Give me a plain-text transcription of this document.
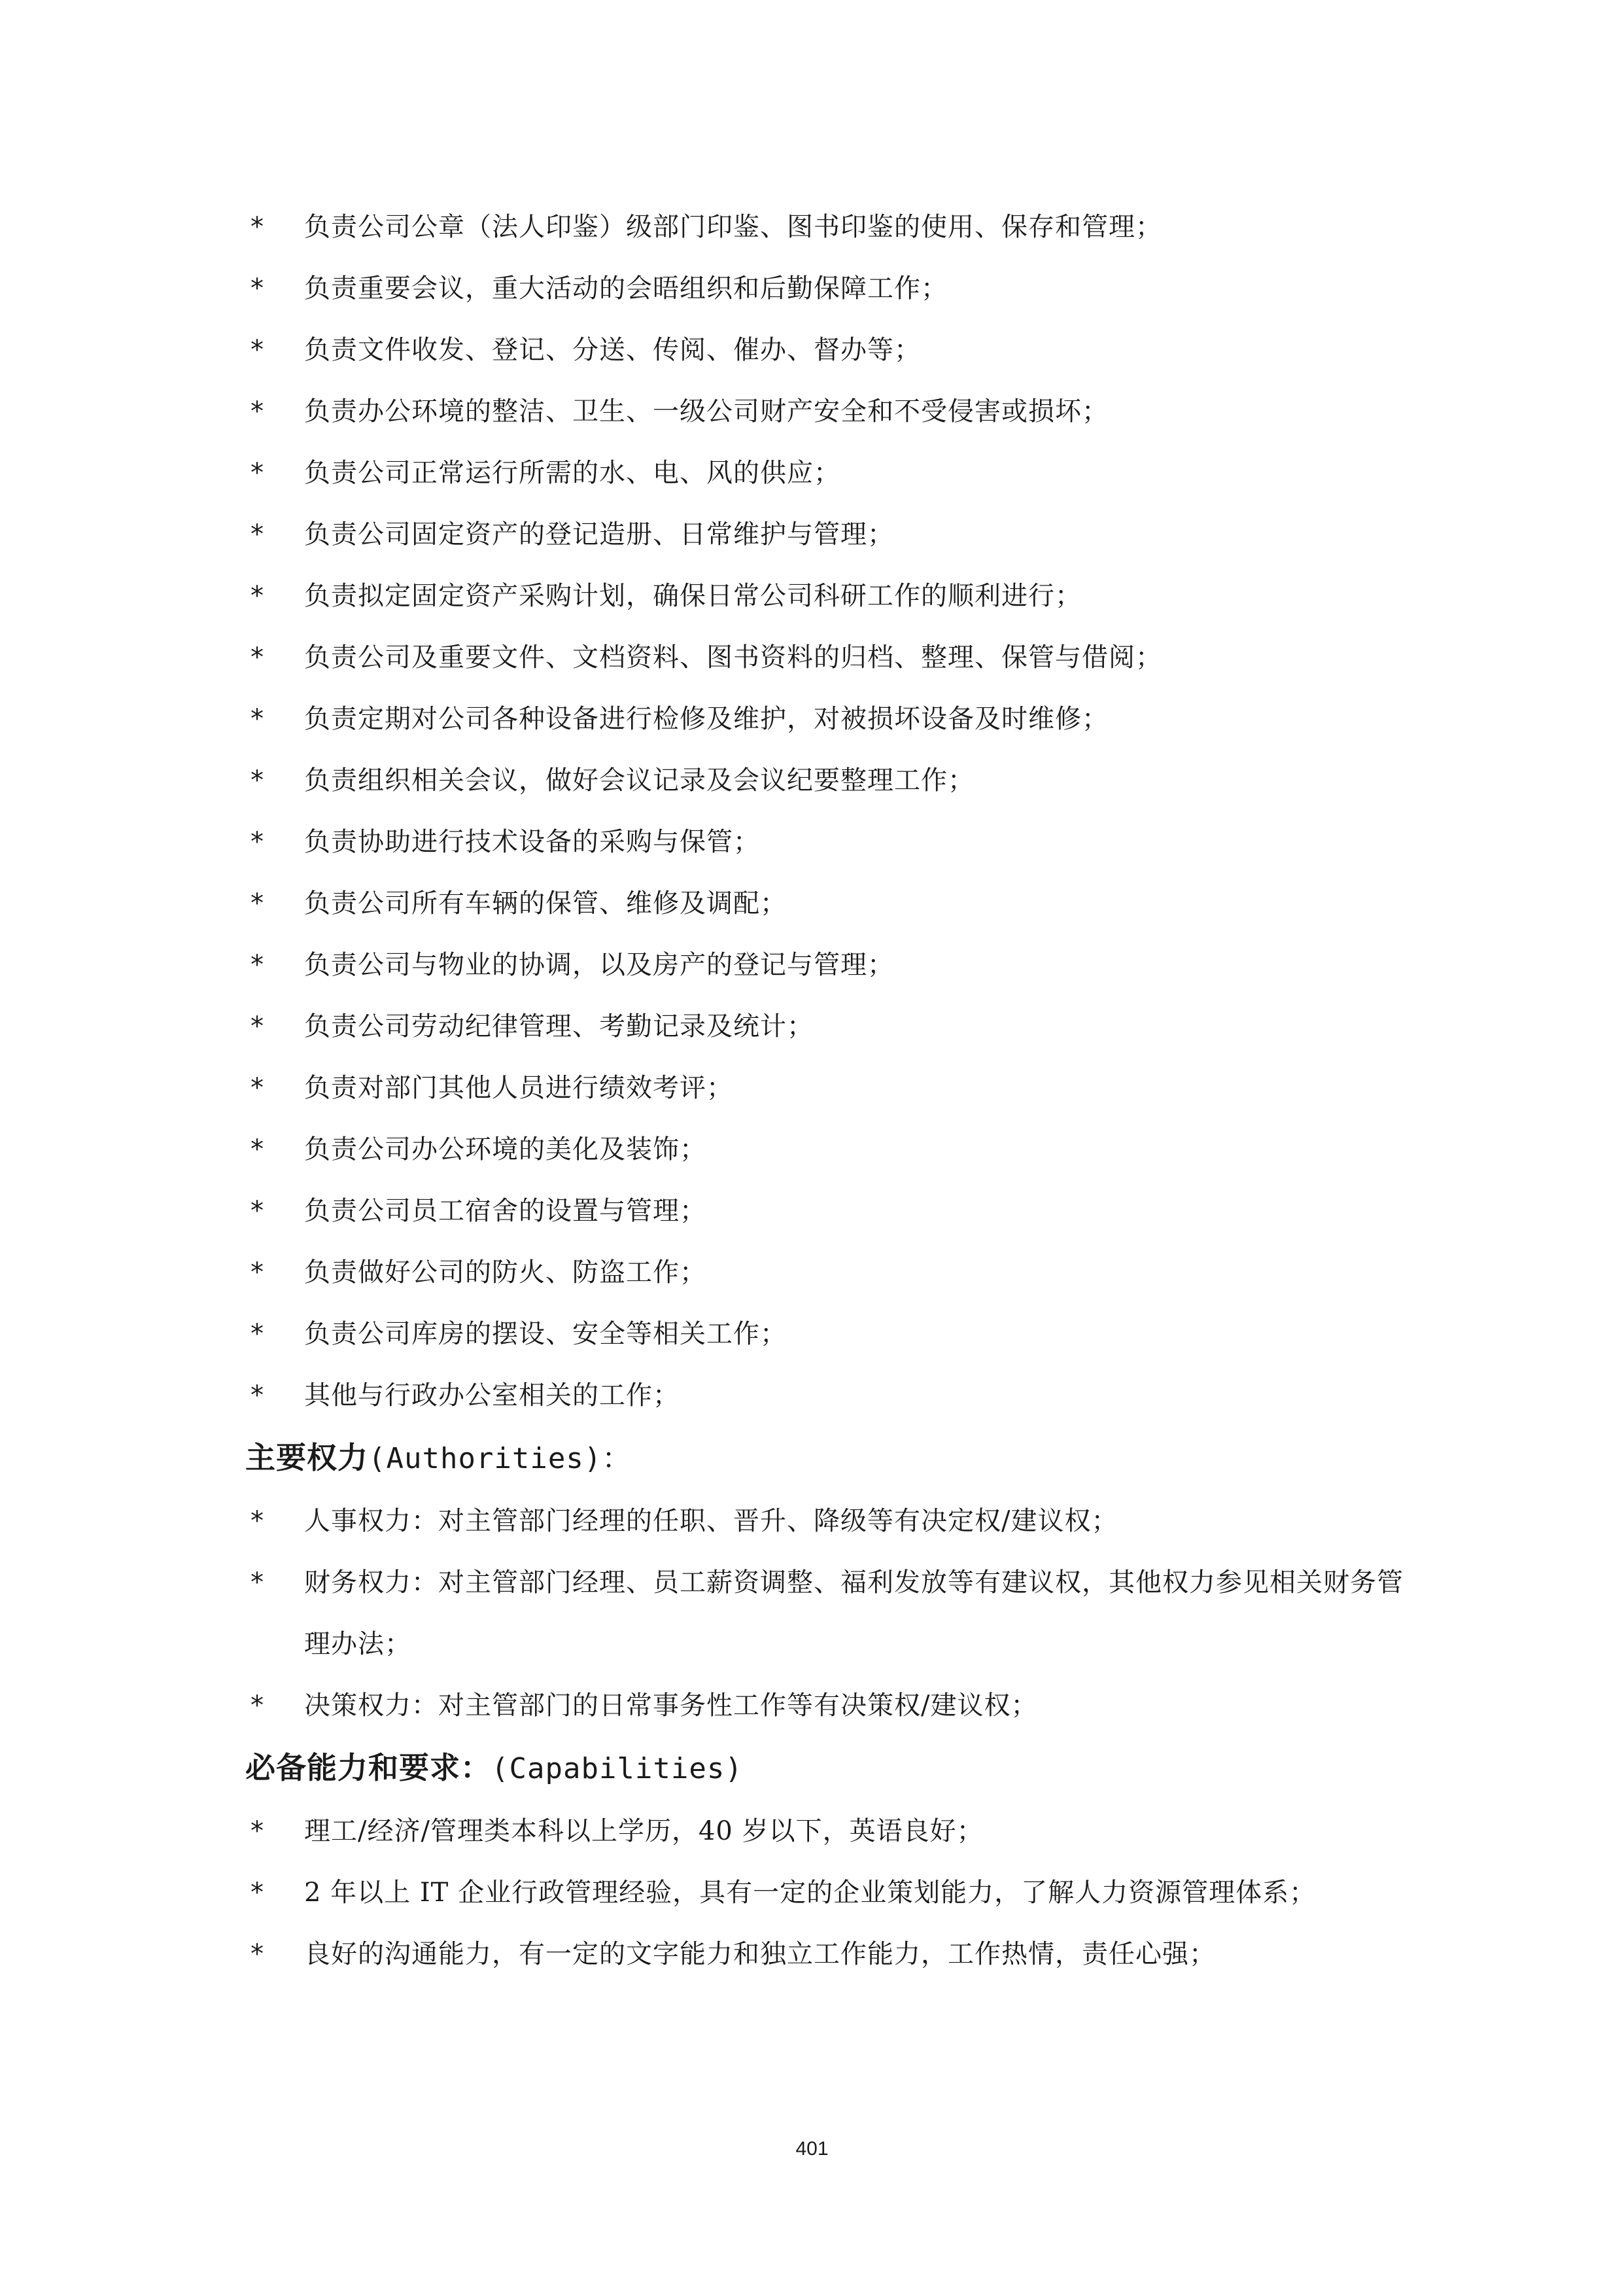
*	负责公司公章（法人印鉴）级部门印鉴、图书印鉴的使用、保存和管理；
*	负责重要会议，重大活动的会晤组织和后勤保障工作；
*	负责文件收发、登记、分送、传阅、催办、督办等；
*	负责办公环境的整洁、卫生、一级公司财产安全和不受侵害或损坏；
*	负责公司正常运行所需的水、电、风的供应；
*	负责公司固定资产的登记造册、日常维护与管理；
*	负责拟定固定资产采购计划，确保日常公司科研工作的顺利进行；
*	负责公司及重要文件、文档资料、图书资料的归档、整理、保管与借阅；
*	负责定期对公司各种设备进行检修及维护，对被损坏设备及时维修；
*	负责组织相关会议，做好会议记录及会议纪要整理工作；
*	负责协助进行技术设备的采购与保管；
*	负责公司所有车辆的保管、维修及调配；
*	负责公司与物业的协调，以及房产的登记与管理；
*	负责公司劳动纪律管理、考勤记录及统计；
*	负责对部门其他人员进行绩效考评；
*	负责公司办公环境的美化及装饰；
*	负责公司员工宿舍的设置与管理；
*	负责做好公司的防火、防盗工作；
*	负责公司库房的摆设、安全等相关工作；
*	其他与行政办公室相关的工作；
主要权力(Authorities)：
*	人事权力：对主管部门经理的任职、晋升、降级等有决定权/建议权；
*	财务权力：对主管部门经理、员工薪资调整、福利发放等有建议权，其他权力参见相关财务管理办法；
*	决策权力：对主管部门的日常事务性工作等有决策权/建议权；
必备能力和要求：(Capabilities)
*	理工/经济/管理类本科以上学历，40 岁以下，英语良好；
*	2 年以上 IT 企业行政管理经验，具有一定的企业策划能力，了解人力资源管理体系；
*	良好的沟通能力，有一定的文字能力和独立工作能力，工作热情，责任心强；
401
